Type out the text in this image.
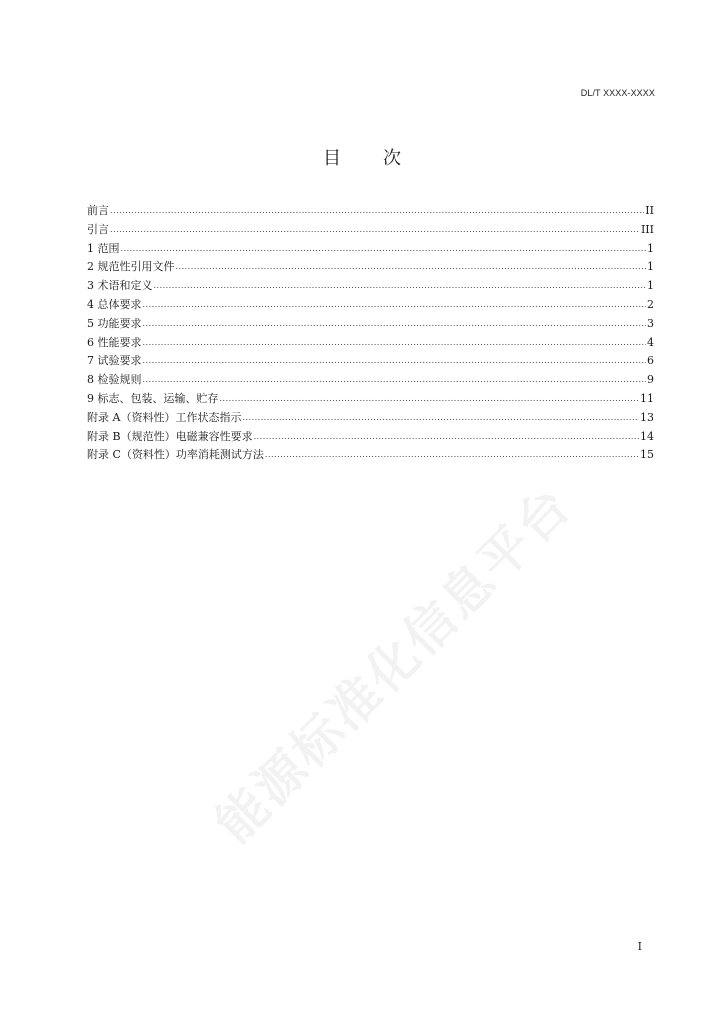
DL/T XXXX-XXXX
目 次
前言 .....	II
引言 .....	III
1 范围 .....	1
2 规范性引用文件 .....	1
3 术语和定义 .....	1
4 总体要求 .....	2
5 功能要求 .....	3
6 性能要求 .....	4
7 试验要求 .....	6
8 检验规则 .....	9
9 标志、包装、运输、贮存 .....	11
附录 A（资料性）工作状态指示 .....	13
附录 B（规范性）电磁兼容性要求 .....	14
附录 C（资料性）功率消耗测试方法 .....	15
能源标准化信息平台
I
